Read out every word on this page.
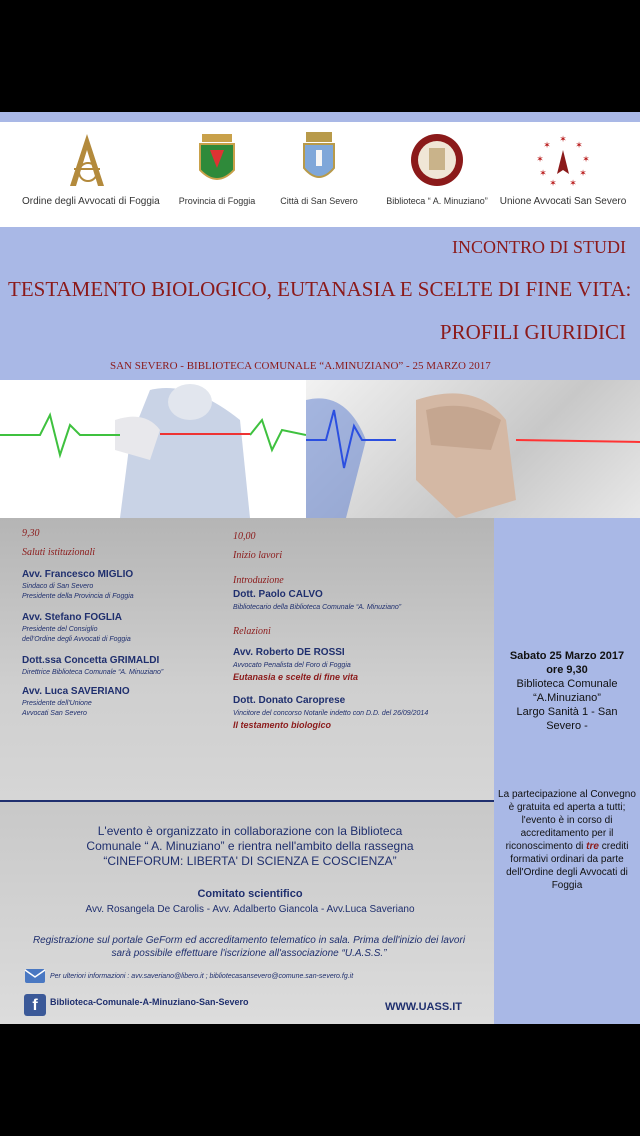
Ordine degli Avvocati di Foggia	Provincia di Foggia	Città di San Severo	Biblioteca “ A. Minuziano”
✶
✶	✶
✶	✶
✶	✶
✶ ✶
Unione Avvocati San Severo
INCONTRO DI STUDI
TESTAMENTO BIOLOGICO, EUTANASIA E SCELTE DI FINE VITA:
PROFILI GIURIDICI
SAN SEVERO - BIBLIOTECA COMUNALE “A.MINUZIANO” - 25 MARZO 2017
9,30
Saluti istituzionali
Avv. Francesco MIGLIO
Sindaco di San Severo
Presidente della Provincia di Foggia
Avv. Stefano FOGLIA
Presidente del Consiglio
dell'Ordine degli Avvocati di Foggia
Dott.ssa Concetta GRIMALDI
Direttrice Biblioteca Comunale “A. Minuziano”
Avv. Luca SAVERIANO
Presidente dell'Unione
Avvocati San Severo
10,00
Inizio lavori
Introduzione
Dott. Paolo CALVO
Bibliotecario della Biblioteca Comunale “A. Minuziano”
Relazioni
Avv. Roberto DE ROSSI
Avvocato Penalista del Foro di Foggia
Eutanasia e scelte di fine vita
Dott. Donato Caroprese
Vincitore del concorso Notarile indetto con D.D. del 26/09/2014
Il testamento biologico
Sabato 25 Marzo 2017
ore 9,30
Biblioteca Comunale
“A.Minuziano”
Largo Sanità 1 - San Severo -
La partecipazione al Convegno è gratuita ed aperta a tutti; l'evento è in corso di accreditamento per il riconoscimento di tre crediti formativi ordinari da parte dell'Ordine degli Avvocati di Foggia
L'evento è organizzato in collaborazione con la Biblioteca
Comunale “ A. Minuziano” e rientra nell'ambito della rassegna
“CINEFORUM: LIBERTA' DI SCIENZA E COSCIENZA”
Comitato scientifico
Avv. Rosangela De Carolis - Avv. Adalberto Giancola - Avv.Luca Saveriano
Registrazione sul portale GeForm ed accreditamento telematico in sala. Prima dell'inizio dei lavori sarà possibile effettuare l'iscrizione all'associazione “U.A.S.S.”
Per ulteriori informazioni : avv.saveriano@libero.it ; bibliotecasansevero@comune.san-severo.fg.it
f	Biblioteca-Comunale-A-Minuziano-San-Severo	WWW.UASS.IT
